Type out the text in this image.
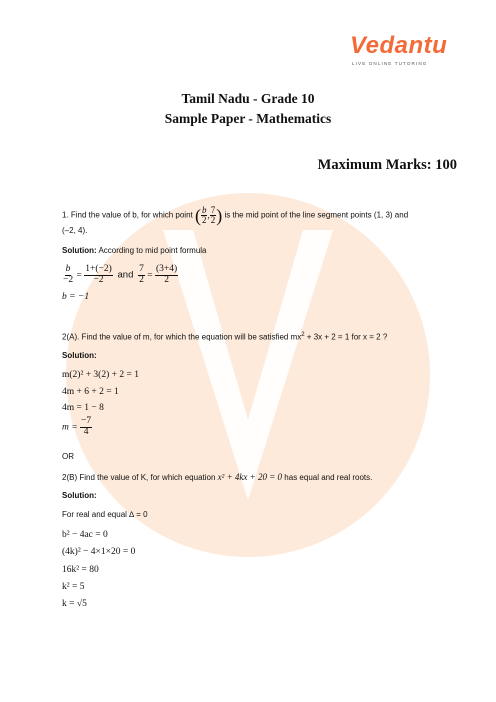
Vedantu
LIVE ONLINE TUTORING
Tamil Nadu - Grade 10
Sample Paper - Mathematics
Maximum Marks: 100
1. Find the value of b, for which point ( $\frac{b}{2}$ , $\frac{7}{2}$ ) is the mid point of the line segment points (1, 3) and
(–2, 4).
Solution: According to mid point formula
$\frac{b}{-2} = \frac{1+(-2)}{-2}$ and $\frac{7}{2} = \frac{(3+4)}{2}$
b = −1
2(A). Find the value of m, for which the equation will be satisfied $mx^2 + 3x + 2 = 1$ for x = 2 ?
Solution:
m(2)² + 3(2) + 2 = 1
4m + 6 + 2 = 1
4m = 1 − 8
$m = \frac{-7}{4}$
OR
2(B) Find the value of K, for which equation x² + 4kx + 20 = 0 has equal and real roots.
Solution:
For real and equal ∆ = 0
b² − 4ac = 0
(4k)² − 4×1×20 = 0
16k² = 80
k² = 5
k = √5
